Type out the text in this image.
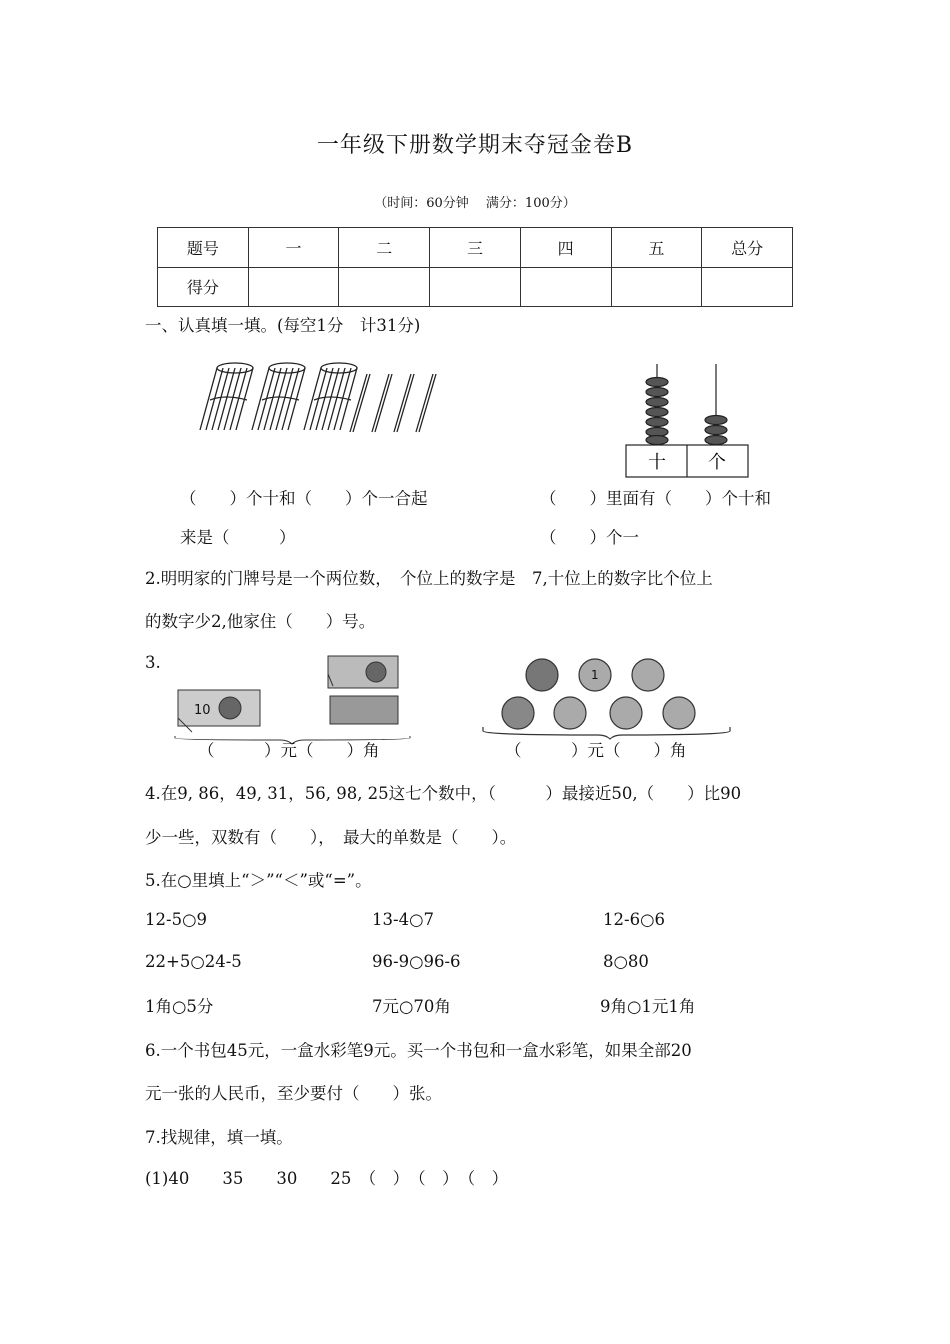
一年级下册数学期末夺冠金卷B
（时间：60分钟 　满分：100分）
题号	一	二	三	四	五	总分
得分						
一、认真填一填。(每空1分　计31分)
十 个
（　　）个十和（　　）个一合起
来是（　　　）
（　　）里面有（　　）个十和
（　　）个一
2.明明家的门牌号是一个两位数，　个位上的数字是　7,十位上的数字比个位上
的数字少2,他家住（　　）号。
3.
10
（　　　）元（　　）角
1
（　　　）元（　　）角
4.在9, 86，49, 31，56, 98, 25这七个数中，（　　　）最接近50,（　　）比90
少一些，双数有（　　），　最大的单数是（　　）。
5.在○里填上“＞”“＜”或“=”。
12-5○9	13-4○7	12-6○6
22+5○24-5	96-9○96-6	8○80
1角○5分	7元○70角	9角○1元1角
6.一个书包45元，一盒水彩笔9元。买一个书包和一盒水彩笔，如果全部20
元一张的人民币，至少要付（　　）张。
7.找规律，填一填。
(1)40　　35　　30　　25　（　）　（　）　（　）
